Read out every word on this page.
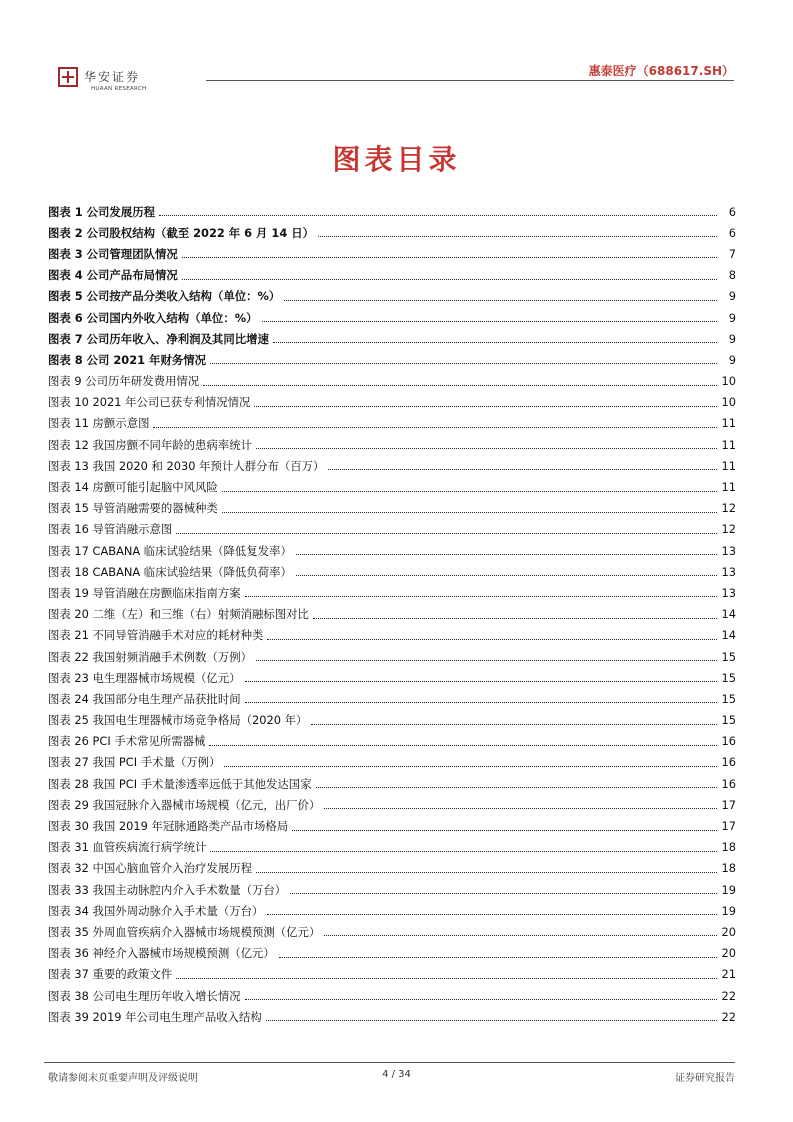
华安证券
HUAAN RESEARCH
惠泰医疗（688617.SH）
图表目录
图表 1 公司发展历程	6
图表 2 公司股权结构（截至 2022 年 6 月 14 日）	6
图表 3 公司管理团队情况	7
图表 4 公司产品布局情况	8
图表 5 公司按产品分类收入结构（单位：%）	9
图表 6 公司国内外收入结构（单位：%）	9
图表 7 公司历年收入、净利润及其同比增速	9
图表 8 公司 2021 年财务情况	9
图表 9 公司历年研发费用情况	10
图表 10 2021 年公司已获专利情况情况	10
图表 11 房颤示意图	11
图表 12 我国房颤不同年龄的患病率统计	11
图表 13 我国 2020 和 2030 年预计人群分布（百万）	11
图表 14 房颤可能引起脑中风风险	11
图表 15 导管消融需要的器械种类	12
图表 16 导管消融示意图	12
图表 17 CABANA 临床试验结果（降低复发率）	13
图表 18 CABANA 临床试验结果（降低负荷率）	13
图表 19 导管消融在房颤临床指南方案	13
图表 20 二维（左）和三维（右）射频消融标图对比	14
图表 21 不同导管消融手术对应的耗材种类	14
图表 22 我国射频消融手术例数（万例）	15
图表 23 电生理器械市场规模（亿元）	15
图表 24 我国部分电生理产品获批时间	15
图表 25 我国电生理器械市场竞争格局（2020 年）	15
图表 26 PCI 手术常见所需器械	16
图表 27 我国 PCI 手术量（万例）	16
图表 28 我国 PCI 手术量渗透率远低于其他发达国家	16
图表 29 我国冠脉介入器械市场规模（亿元，出厂价）	17
图表 30 我国 2019 年冠脉通路类产品市场格局	17
图表 31 血管疾病流行病学统计	18
图表 32 中国心脑血管介入治疗发展历程	18
图表 33 我国主动脉腔内介入手术数量（万台）	19
图表 34 我国外周动脉介入手术量（万台）	19
图表 35 外周血管疾病介入器械市场规模预测（亿元）	20
图表 36 神经介入器械市场规模预测（亿元）	20
图表 37 重要的政策文件	21
图表 38 公司电生理历年收入增长情况	22
图表 39 2019 年公司电生理产品收入结构	22
敬请参阅末页重要声明及评级说明	4 / 34	证券研究报告
